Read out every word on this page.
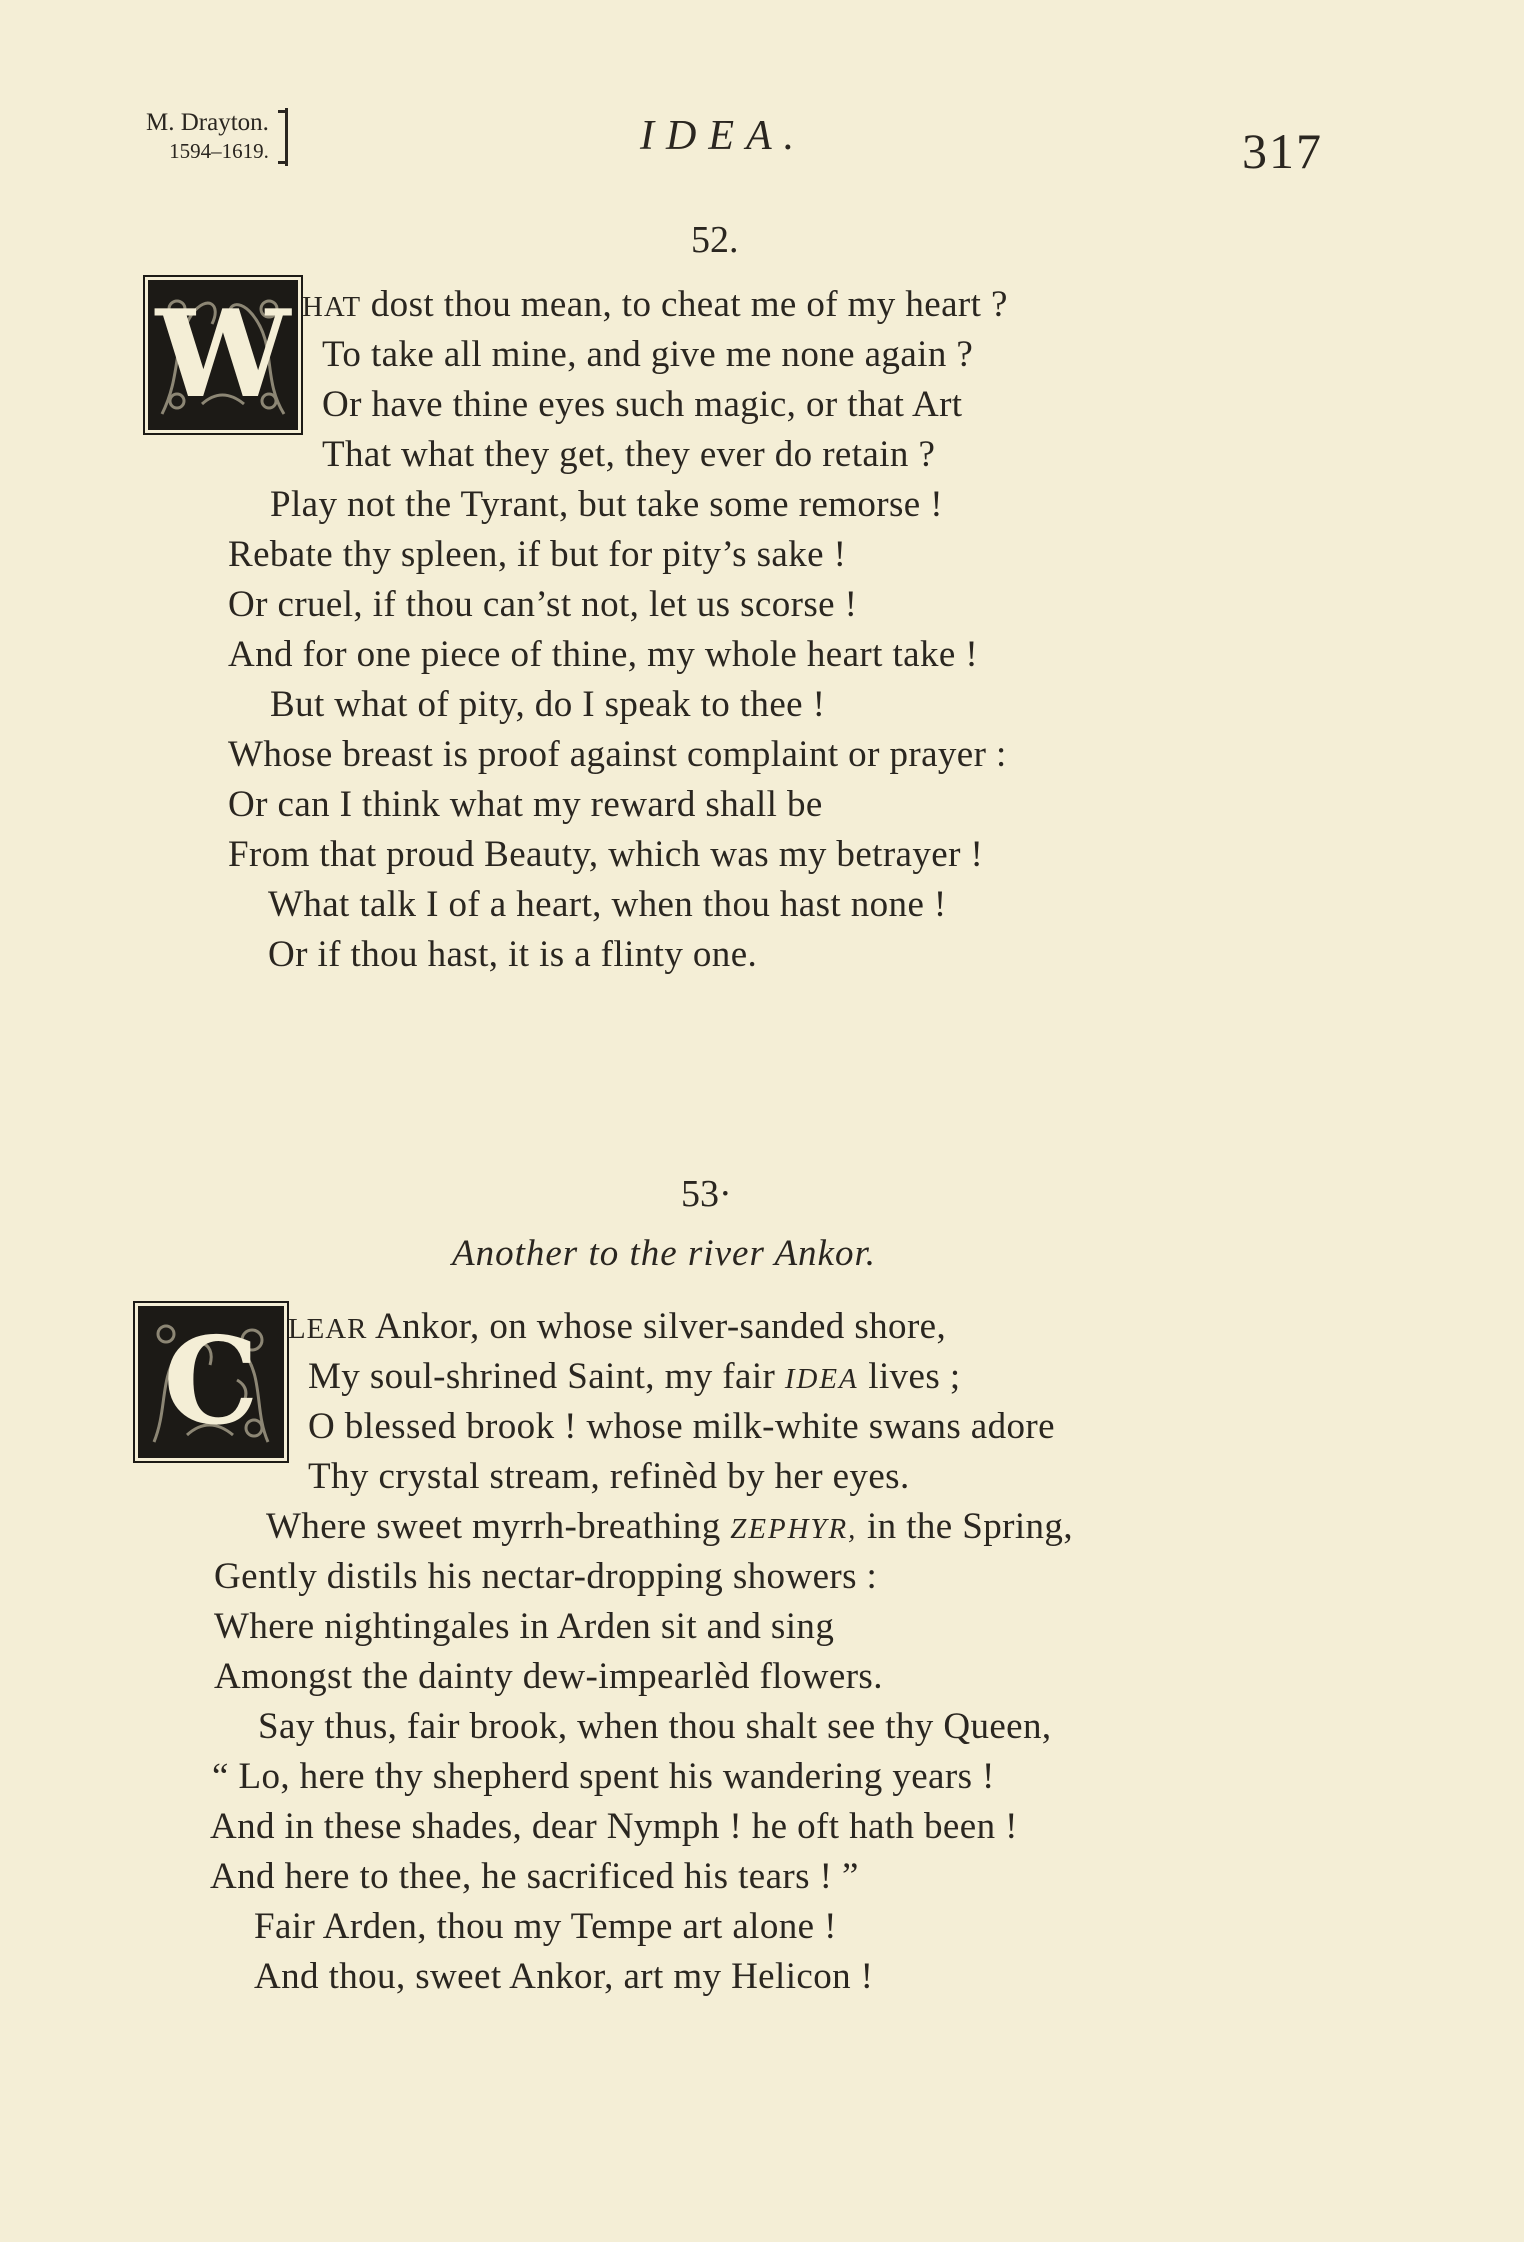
M. Drayton.
1594–1619.	IDEA.	317
52.
W HAT dost thou mean, to cheat me of my heart ?
To take all mine, and give me none again ?
Or have thine eyes such magic, or that Art
That what they get, they ever do retain ?
Play not the Tyrant, but take some remorse !
Rebate thy spleen, if but for pity’s sake !
Or cruel, if thou can’st not, let us scorse !
And for one piece of thine, my whole heart take !
But what of pity, do I speak to thee !
Whose breast is proof against complaint or prayer :
Or can I think what my reward shall be
From that proud Beauty, which was my betrayer !
What talk I of a heart, when thou hast none !
Or if thou hast, it is a flinty one.
53·
Another to the river Ankor.
C	LEAR Ankor, on whose silver-sanded shore,
My soul-shrined Saint, my fair IDEA lives ;
O blessed brook ! whose milk-white swans adore
Thy crystal stream, refinèd by her eyes.
Where sweet myrrh-breathing ZEPHYR, in the Spring,
Gently distils his nectar-dropping showers :
Where nightingales in Arden sit and sing
Amongst the dainty dew-impearlèd flowers.
Say thus, fair brook, when thou shalt see thy Queen,
“ Lo, here thy shepherd spent his wandering years !
And in these shades, dear Nymph ! he oft hath been !
And here to thee, he sacrificed his tears ! ”
Fair Arden, thou my Tempe art alone !
And thou, sweet Ankor, art my Helicon !
